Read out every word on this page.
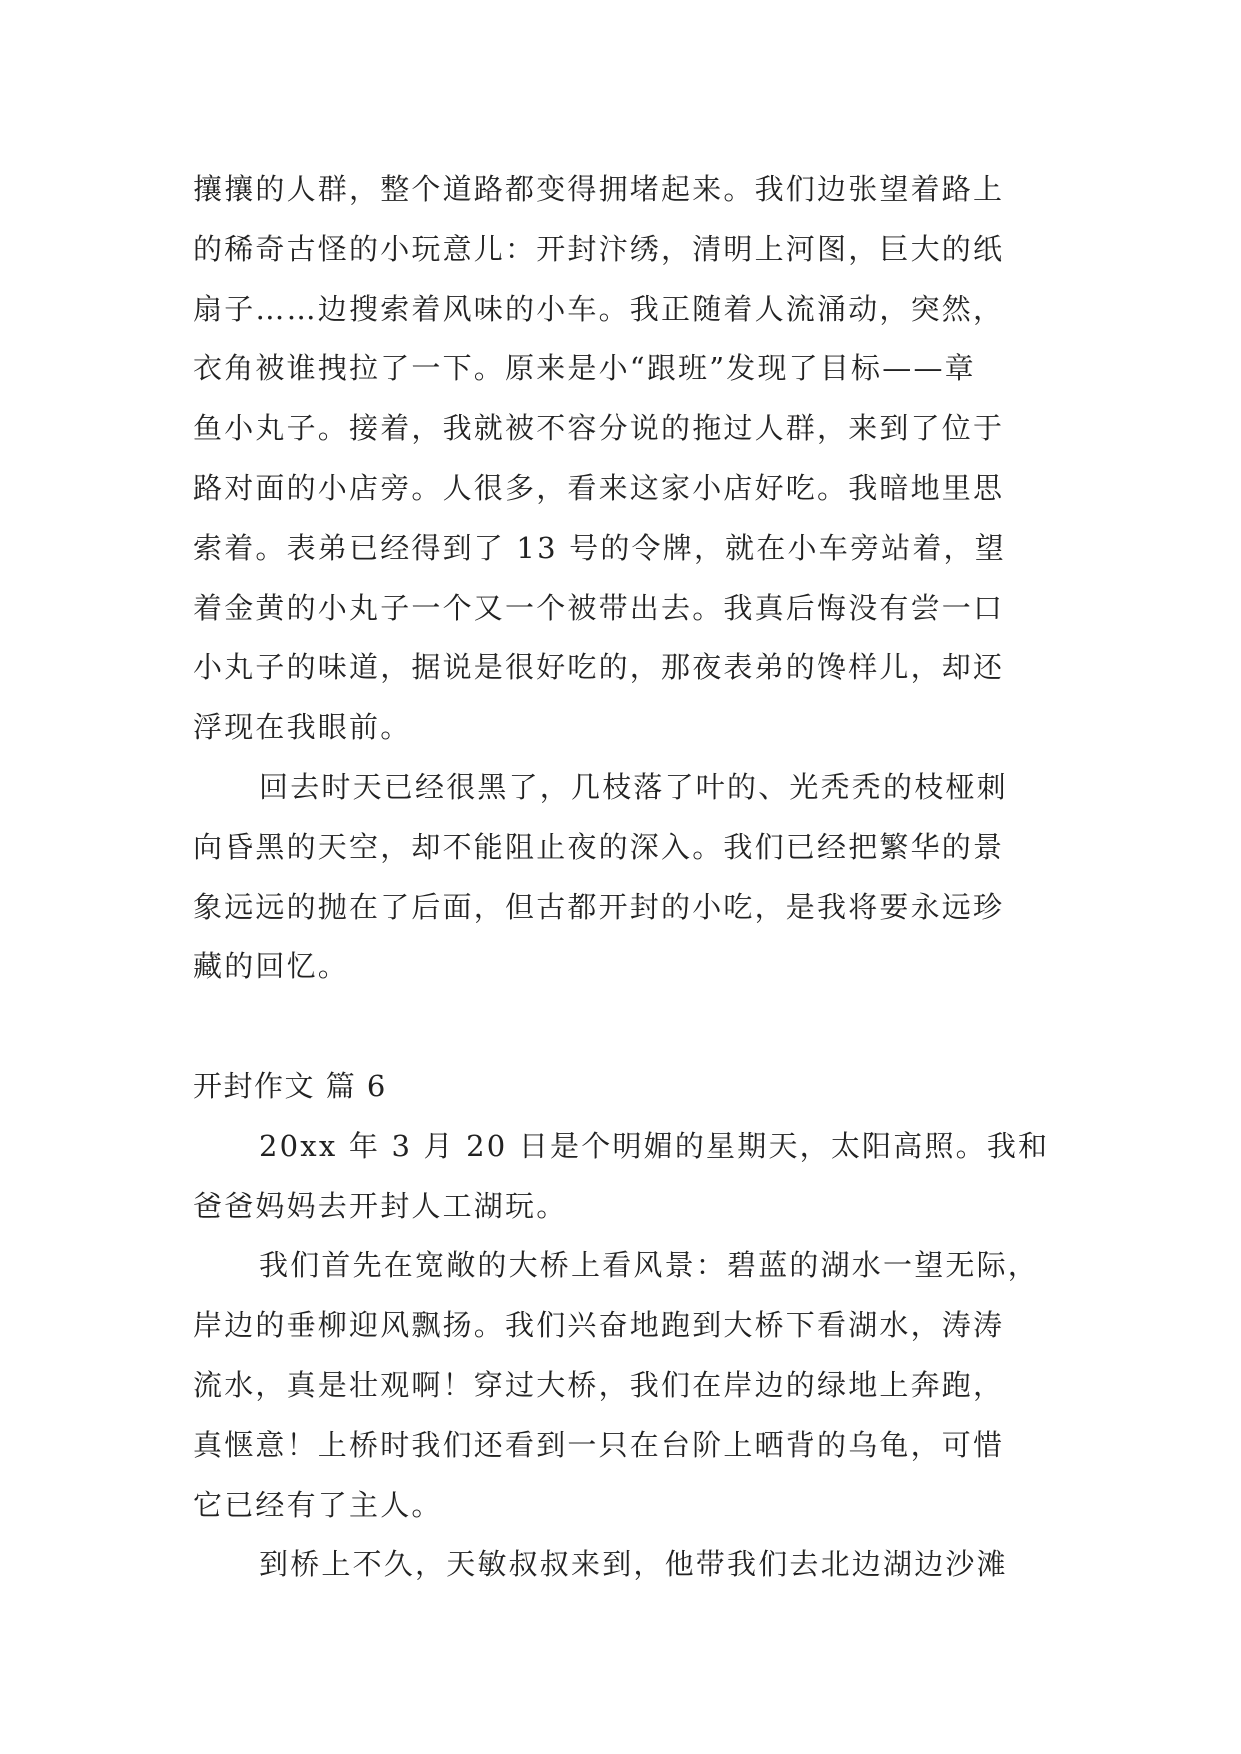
攘攘的人群，整个道路都变得拥堵起来。我们边张望着路上
的稀奇古怪的小玩意儿：开封汴绣，清明上河图，巨大的纸
扇子……边搜索着风味的小车。我正随着人流涌动，突然，
衣角被谁拽拉了一下。原来是小“跟班”发现了目标——章
鱼小丸子。接着，我就被不容分说的拖过人群，来到了位于
路对面的小店旁。人很多，看来这家小店好吃。我暗地里思
索着。表弟已经得到了 13 号的令牌，就在小车旁站着，望
着金黄的小丸子一个又一个被带出去。我真后悔没有尝一口
小丸子的味道，据说是很好吃的，那夜表弟的馋样儿，却还
浮现在我眼前。
回去时天已经很黑了，几枝落了叶的、光秃秃的枝桠刺
向昏黑的天空，却不能阻止夜的深入。我们已经把繁华的景
象远远的抛在了后面，但古都开封的小吃，是我将要永远珍
藏的回忆。
开封作文 篇 6
20xx 年 3 月 20 日是个明媚的星期天，太阳高照。我和
爸爸妈妈去开封人工湖玩。
我们首先在宽敞的大桥上看风景：碧蓝的湖水一望无际，
岸边的垂柳迎风飘扬。我们兴奋地跑到大桥下看湖水，涛涛
流水，真是壮观啊！穿过大桥，我们在岸边的绿地上奔跑，
真惬意！上桥时我们还看到一只在台阶上晒背的乌龟，可惜
它已经有了主人。
到桥上不久，天敏叔叔来到，他带我们去北边湖边沙滩
